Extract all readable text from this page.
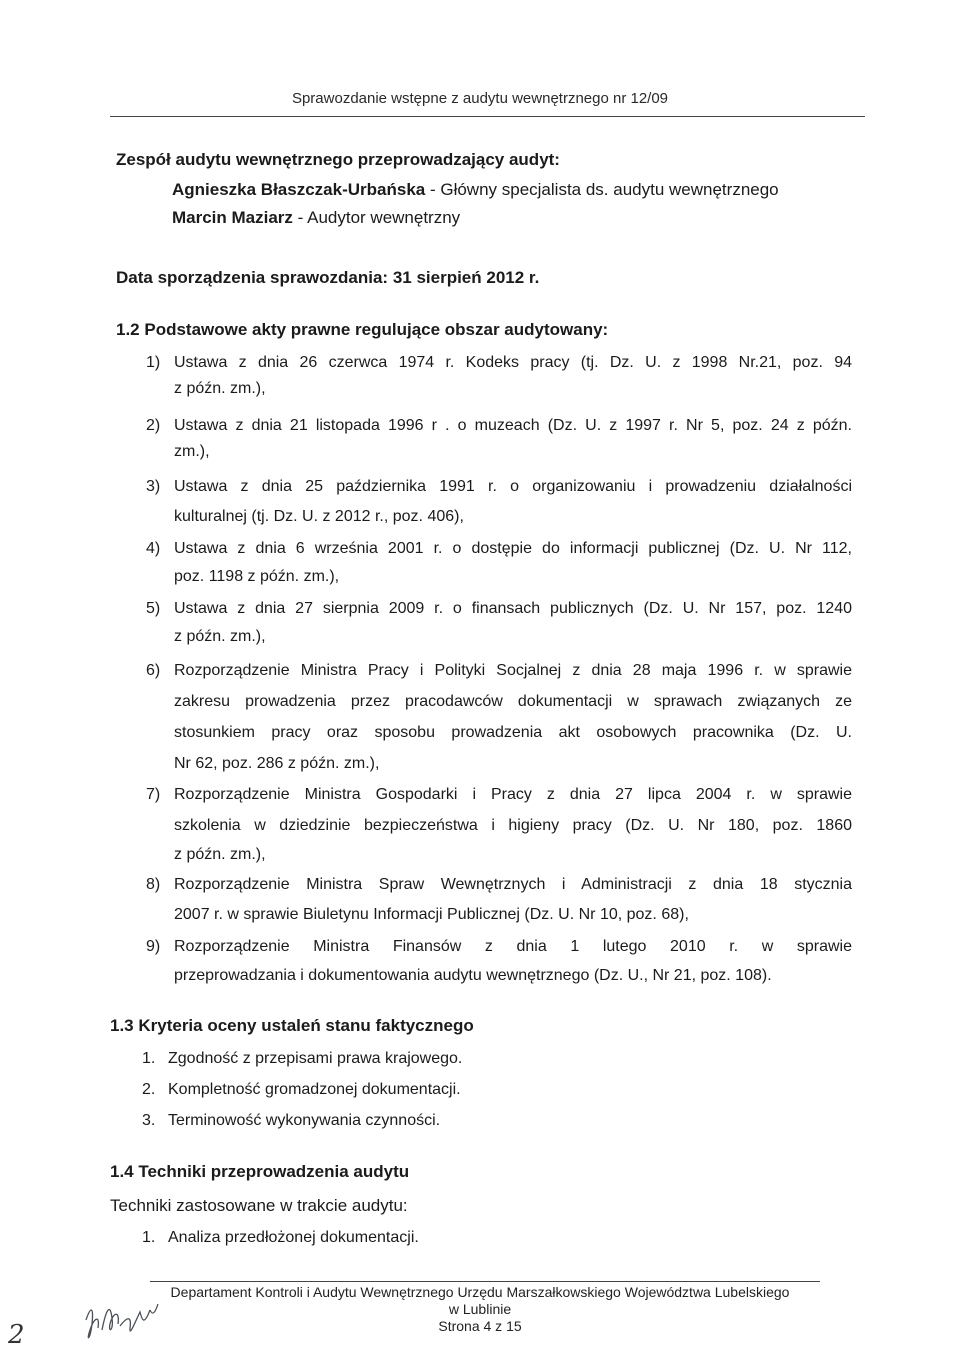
Sprawozdanie wstępne z audytu wewnętrznego nr 12/09
Zespół audytu wewnętrznego przeprowadzający audyt:
Agnieszka Błaszczak-Urbańska - Główny specjalista ds. audytu wewnętrznego
Marcin Maziarz - Audytor wewnętrzny
Data sporządzenia sprawozdania: 31 sierpień 2012 r.
1.2 Podstawowe akty prawne regulujące obszar audytowany:
1) Ustawa z dnia 26 czerwca 1974 r. Kodeks pracy (tj. Dz. U. z 1998 Nr.21, poz. 94
z późn. zm.),
2) Ustawa z dnia 21 listopada 1996 r . o muzeach (Dz. U. z 1997 r. Nr 5, poz. 24 z późn.
zm.),
3) Ustawa z dnia 25 października 1991 r. o organizowaniu i prowadzeniu działalności
kulturalnej (tj. Dz. U. z 2012 r., poz. 406),
4) Ustawa z dnia 6 września 2001 r. o dostępie do informacji publicznej (Dz. U. Nr 112,
poz. 1198 z późn. zm.),
5) Ustawa z dnia 27 sierpnia 2009 r. o finansach publicznych (Dz. U. Nr 157, poz. 1240
z późn. zm.),
6) Rozporządzenie Ministra Pracy i Polityki Socjalnej z dnia 28 maja 1996 r. w sprawie
zakresu prowadzenia przez pracodawców dokumentacji w sprawach związanych ze
stosunkiem pracy oraz sposobu prowadzenia akt osobowych pracownika (Dz. U.
Nr 62, poz. 286 z późn. zm.),
7) Rozporządzenie Ministra Gospodarki i Pracy z dnia 27 lipca 2004 r. w sprawie
szkolenia w dziedzinie bezpieczeństwa i higieny pracy (Dz. U. Nr 180, poz. 1860
z późn. zm.),
8) Rozporządzenie Ministra Spraw Wewnętrznych i Administracji z dnia 18 stycznia
2007 r. w sprawie Biuletynu Informacji Publicznej (Dz. U. Nr 10, poz. 68),
9) Rozporządzenie Ministra Finansów z dnia 1 lutego 2010 r. w sprawie
przeprowadzania i dokumentowania audytu wewnętrznego (Dz. U., Nr 21, poz. 108).
1.3 Kryteria oceny ustaleń stanu faktycznego
1. Zgodność z przepisami prawa krajowego.
2. Kompletność gromadzonej dokumentacji.
3. Terminowość wykonywania czynności.
1.4 Techniki przeprowadzenia audytu
Techniki zastosowane w trakcie audytu:
1. Analiza przedłożonej dokumentacji.
Departament Kontroli i Audytu Wewnętrznego Urzędu Marszałkowskiego Województwa Lubelskiego
w Lublinie
Strona 4 z 15
2
